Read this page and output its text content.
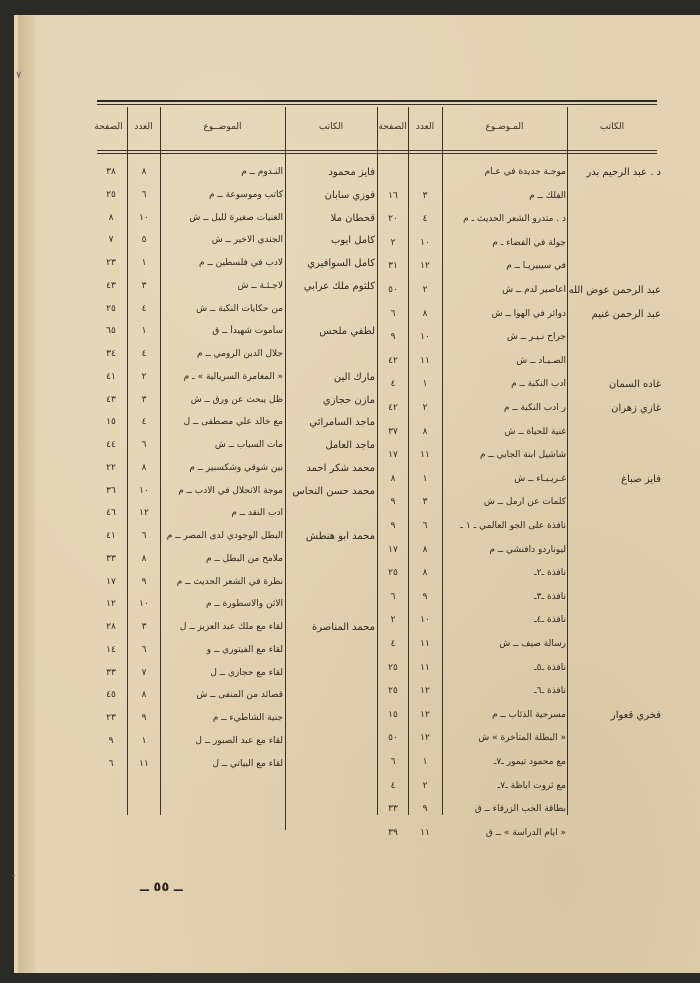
٧
ـ
الكاتب
المـوضـوع
العدد
الصفحة
الكاتب
الموضــوع
العدد
الصفحة
موجـة جديدة في عـام
الفلك ــ م
٣
١٦
د . متدرو الشعر الحديث ـ م
٤
٢٠
جولة في الفضاء ـ م
١٠
٢
في سيبيريـا ــ م
١٢
٣١
اعاصير لدم ــ ش
٢
٥٠
دوائر في الهوا ــ ش
٨
٦
جراح نـيـر ــ ش
١٠
٩
الصـيـاد ــ ش
١١
٤٢
ادب النكبة ــ م
١
٤
ر ادب النكبة ــ م
٢
٤٢
غنية للحياة ــ ش
٨
٣٧
شاشيل ابنة الجابي ــ م
١١
١٧
غـريـبـاء ــ ش
١
٨
كلمات عن ارمل ــ ش
٣
٩
نافذة على الجو العالمي ـ ١ ـ
٦
٩
ليوناردو دافنشي ــ م
٨
١٧
نافذة ـ٢ـ
٨
٢٥
نافذة ـ٣ـ
٩
٦
نافذة ـ٤ـ
١٠
٢
رسالة صيف ــ ش
١١
٤
نافذة ـ٥ـ
١١
٢٥
نافذة ـ٦ـ
١٢
٢٥
مسرحية الذئاب ــ م
١٢
١٥
« البطلة المتأخرة » ش
١٢
٥٠
مع محمود تيمور ـ٧ـ
١
٦
مع ثروت اباظة ـ٧ـ
٢
٤
بطاقة الحب الزرقاء ــ ق
٩
٣٣
« ايام الدراسة » ــ ق
١١
٣٩
د . عبد الرحيم بدر
عبد الرحمن عوض الله
عبد الرحمن غنيم
غاده السمان
غازي زهران
فايز صباغ
فخري قعوار
النـدوم ــ م
٨
٣٨
كاتب وموسوعة ــ م
٦
٢٥
الغنيات صغيرة لليل ــ ش
١٠
٨
الجندي الاخير ــ ش
٥
٧
لادب في فلسطين ــ م
١
٢٣
لاجـئـة ــ ش
٣
٤٣
من حكايات النكبة ــ ش
٤
٢٥
سأموت شهيداً ــ ق
١
٦٥
جلال الدين الرومي ــ م
٤
٣٤
« المغامرة السريالية » ـ م
٢
٤١
ظل يبحث عن ورق ــ ش
٣
٤٣
مع خالد علي مصطفى ــ ل
٤
١٥
مات السياب ــ ش
٦
٤٤
بين شوقي وشكسبير ــ م
٨
٢٢
موجة الانحلال في الادب ــ م
١٠
٣٦
ادب النقد ــ م
١٢
٤٦
البطل الوجودي لدى المصر ــ م
٦
٤١
ملامح من البطل ــ م
٨
٣٣
نظرة في الشعر الحديث ــ م
٩
١٧
الاثن والاسطورة ــ م
١٠
١٢
لقاء مع ملك عبد العزيز ــ ل
٣
٢٨
لقاء مع الفيتوري ــ و
٦
١٤
لقاء مع حجازي ــ ل
٧
٣٣
قصائد من المنفى ــ ش
٨
٤٥
جنية الشاطيء ــ م
٩
٢٣
لقاء مع عبد الصبور ــ ل
١
٩
لقاء مع البياتي ــ ل
١١
٦
فايز محمود
فوزي سابان
قحطان ملا
كامل ايوب
كامل السوافيري
كلثوم ملك عرابي
لطفي ملحس
مارك الين
مازن حجازي
ماجد السامرائي
ماجد العامل
محمد شكر احمد
محمد حسن النحاس
محمد ابو هنطش
محمد المناصرة
ــ ٥٥ ــ
